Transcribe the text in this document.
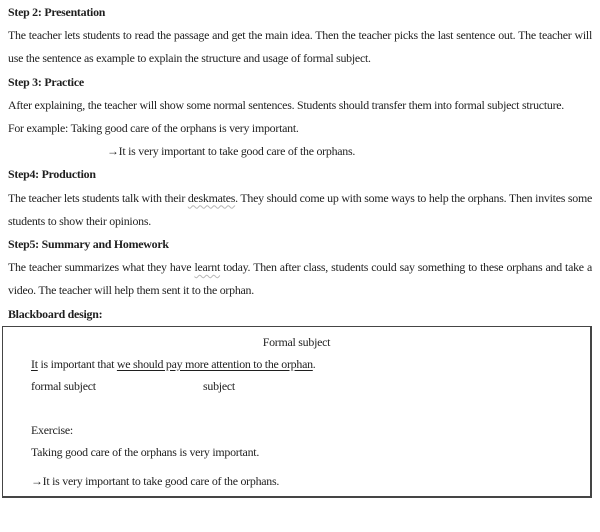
Step 2: Presentation

The teacher lets students to read the passage and get the main idea. Then the teacher picks the last sentence out. The teacher will use the sentence as example to explain the structure and usage of formal subject.

Step 3: Practice

After explaining, the teacher will show some normal sentences. Students should transfer them into formal subject structure.

For example: Taking good care of the orphans is very important.

→It is very important to take good care of the orphans.

Step4: Production

The teacher lets students talk with their deskmates. They should come up with some ways to help the orphans. Then invites some students to show their opinions.

Step5: Summary and Homework

The teacher summarizes what they have learnt today. Then after class, students could say something to these orphans and take a video. The teacher will help them sent it to the orphan.

Blackboard design:

Formal subject

It is important that we should pay more attention to the orphan.

formal subject	subject

Exercise:

Taking good care of the orphans is very important.

→It is very important to take good care of the orphans.
